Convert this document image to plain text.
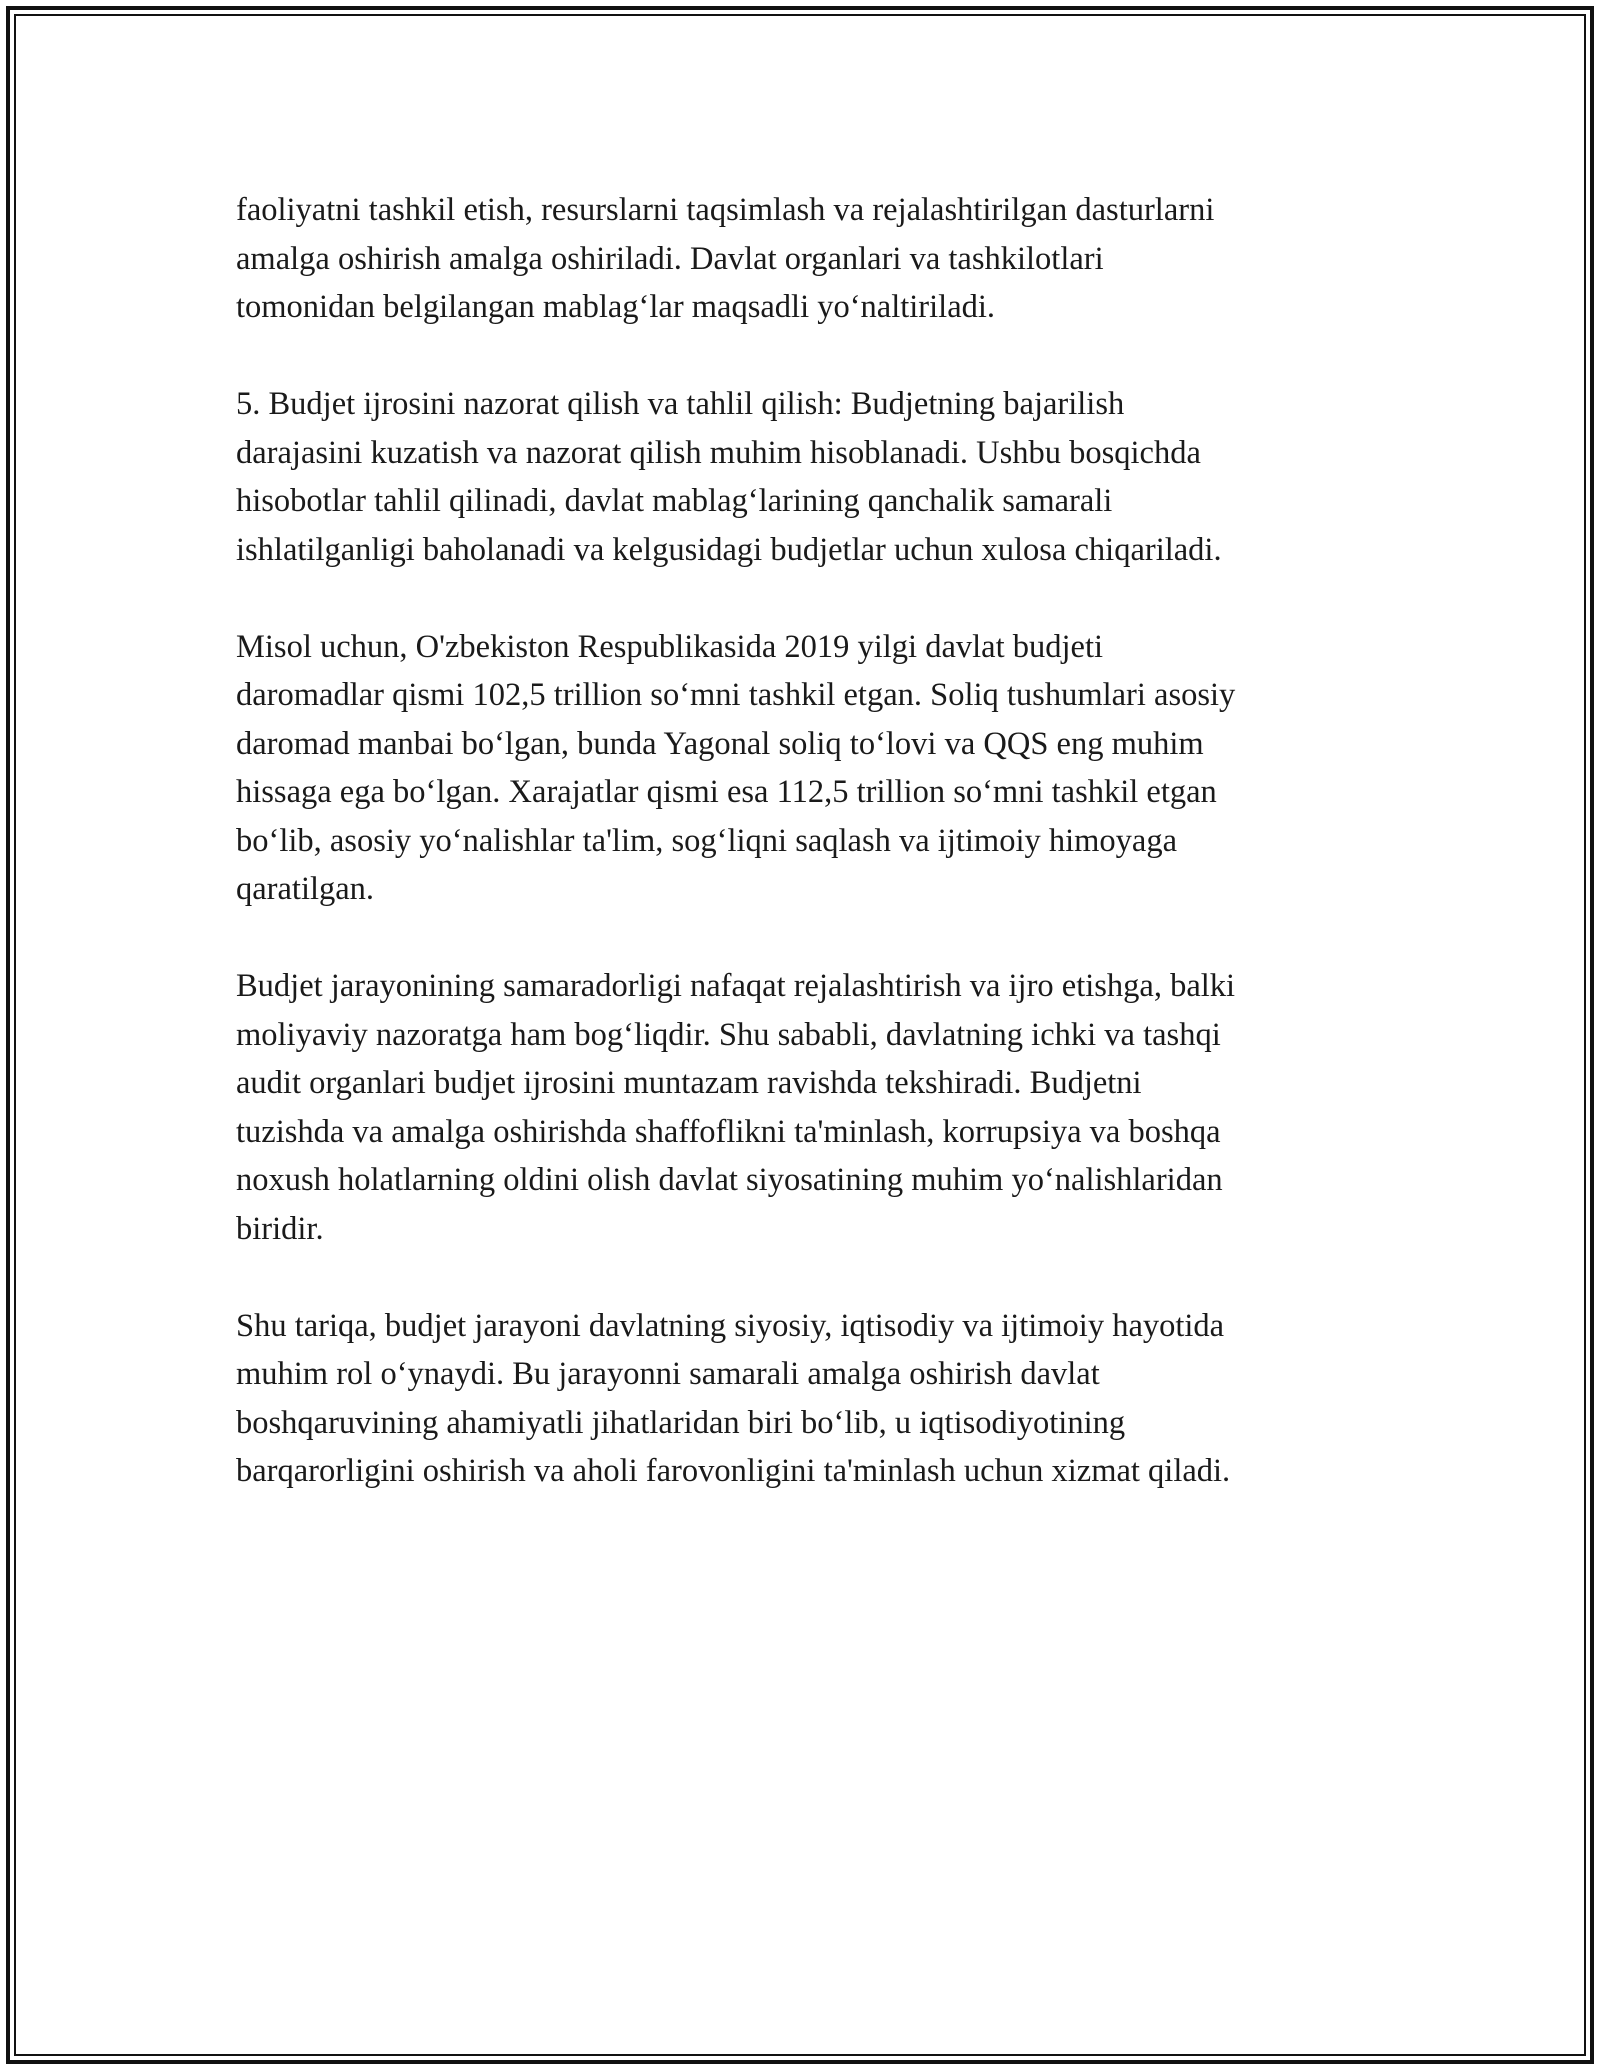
faoliyatni tashkil etish, resurslarni taqsimlash va rejalashtirilgan dasturlarni
amalga oshirish amalga oshiriladi. Davlat organlari va tashkilotlari
tomonidan belgilangan mablag‘lar maqsadli yo‘naltiriladi.

5. Budjet ijrosini nazorat qilish va tahlil qilish: Budjetning bajarilish
darajasini kuzatish va nazorat qilish muhim hisoblanadi. Ushbu bosqichda
hisobotlar tahlil qilinadi, davlat mablag‘larining qanchalik samarali
ishlatilganligi baholanadi va kelgusidagi budjetlar uchun xulosa chiqariladi.

Misol uchun, O'zbekiston Respublikasida 2019 yilgi davlat budjeti
daromadlar qismi 102,5 trillion so‘mni tashkil etgan. Soliq tushumlari asosiy
daromad manbai bo‘lgan, bunda Yagonal soliq to‘lovi va QQS eng muhim
hissaga ega bo‘lgan. Xarajatlar qismi esa 112,5 trillion so‘mni tashkil etgan
bo‘lib, asosiy yo‘nalishlar ta'lim, sog‘liqni saqlash va ijtimoiy himoyaga
qaratilgan.

Budjet jarayonining samaradorligi nafaqat rejalashtirish va ijro etishga, balki
moliyaviy nazoratga ham bog‘liqdir. Shu sababli, davlatning ichki va tashqi
audit organlari budjet ijrosini muntazam ravishda tekshiradi. Budjetni
tuzishda va amalga oshirishda shaffoflikni ta'minlash, korrupsiya va boshqa
noxush holatlarning oldini olish davlat siyosatining muhim yo‘nalishlaridan
biridir.

Shu tariqa, budjet jarayoni davlatning siyosiy, iqtisodiy va ijtimoiy hayotida
muhim rol o‘ynaydi. Bu jarayonni samarali amalga oshirish davlat
boshqaruvining ahamiyatli jihatlaridan biri bo‘lib, u iqtisodiyotining
barqarorligini oshirish va aholi farovonligini ta'minlash uchun xizmat qiladi.
